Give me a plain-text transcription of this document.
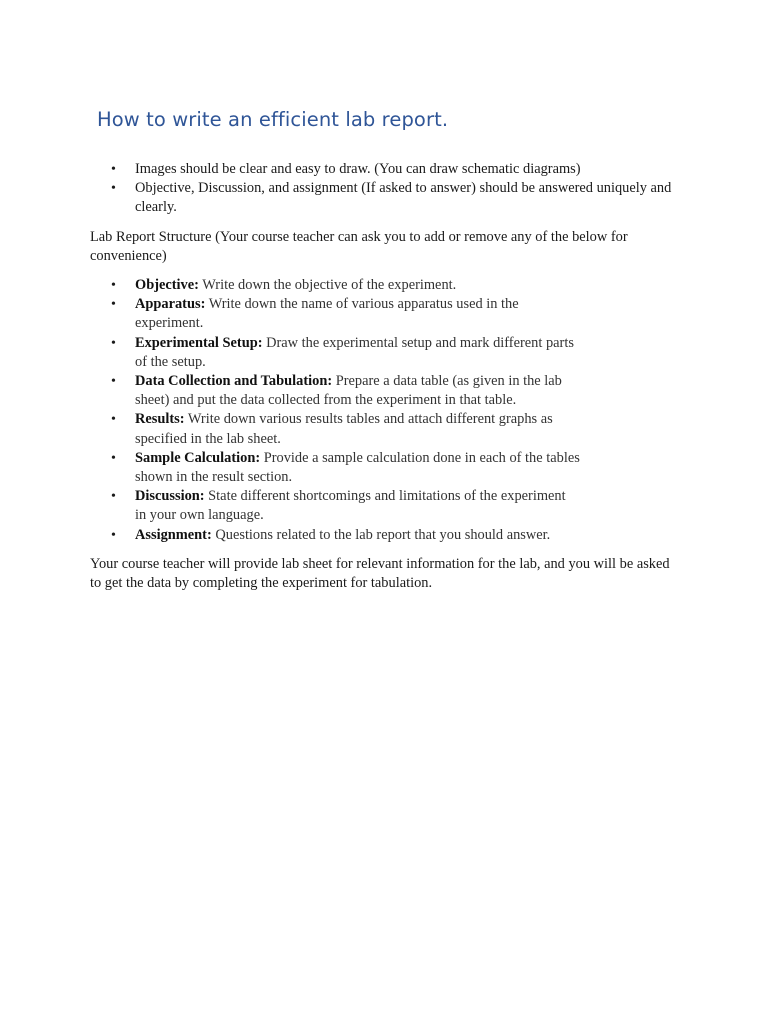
How to write an efficient lab report.
• Images should be clear and easy to draw. (You can draw schematic diagrams)
• Objective, Discussion, and assignment (If asked to answer) should be answered uniquely and clearly.

Lab Report Structure (Your course teacher can ask you to add or remove any of the below for convenience)

• Objective: Write down the objective of the experiment.
• Apparatus: Write down the name of various apparatus used in the experiment.
• Experimental Setup: Draw the experimental setup and mark different parts of the setup.
• Data Collection and Tabulation: Prepare a data table (as given in the lab sheet) and put the data collected from the experiment in that table.
• Results: Write down various results tables and attach different graphs as specified in the lab sheet.
• Sample Calculation: Provide a sample calculation done in each of the tables shown in the result section.
• Discussion: State different shortcomings and limitations of the experiment in your own language.
• Assignment: Questions related to the lab report that you should answer.

Your course teacher will provide lab sheet for relevant information for the lab, and you will be asked to get the data by completing the experiment for tabulation.
